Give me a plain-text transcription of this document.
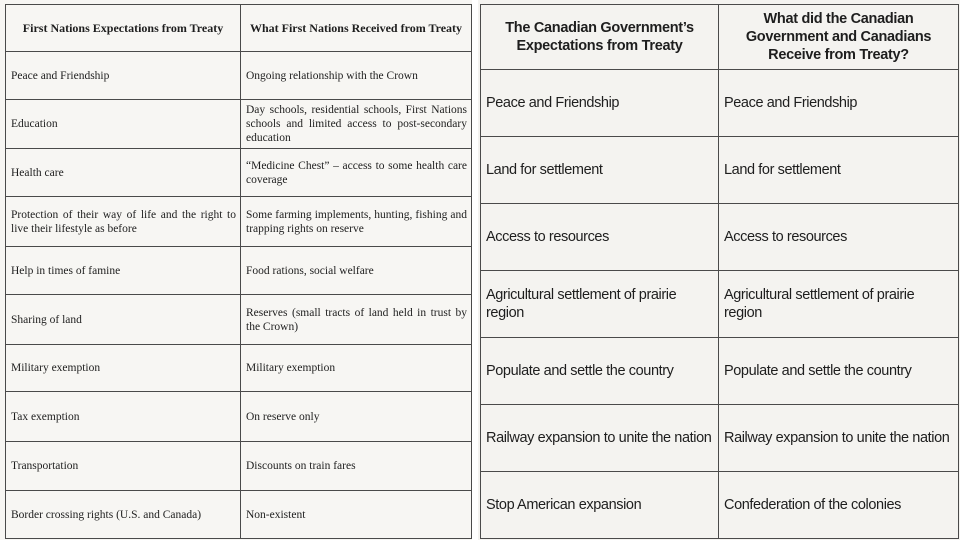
First Nations Expectations from Treaty	What First Nations Received from Treaty
Peace and Friendship	Ongoing relationship with the Crown
Education	Day schools, residential schools, First Nations schools and limited access to post-secondary education
Health care	“Medicine Chest” – access to some health care coverage
Protection of their way of life and the right to live their lifestyle as before	Some farming implements, hunting, fishing and trapping rights on reserve
Help in times of famine	Food rations, social welfare
Sharing of land	Reserves (small tracts of land held in trust by the Crown)
Military exemption	Military exemption
Tax exemption	On reserve only
Transportation	Discounts on train fares
Border crossing rights (U.S. and Canada)	Non-existent
The Canadian Government’s Expectations from Treaty	What did the Canadian Government and Canadians Receive from Treaty?
Peace and Friendship	Peace and Friendship
Land for settlement	Land for settlement
Access to resources	Access to resources
Agricultural settlement of prairie region	Agricultural settlement of prairie region
Populate and settle the country	Populate and settle the country
Railway expansion to unite the nation	Railway expansion to unite the nation
Stop American expansion	Confederation of the colonies
